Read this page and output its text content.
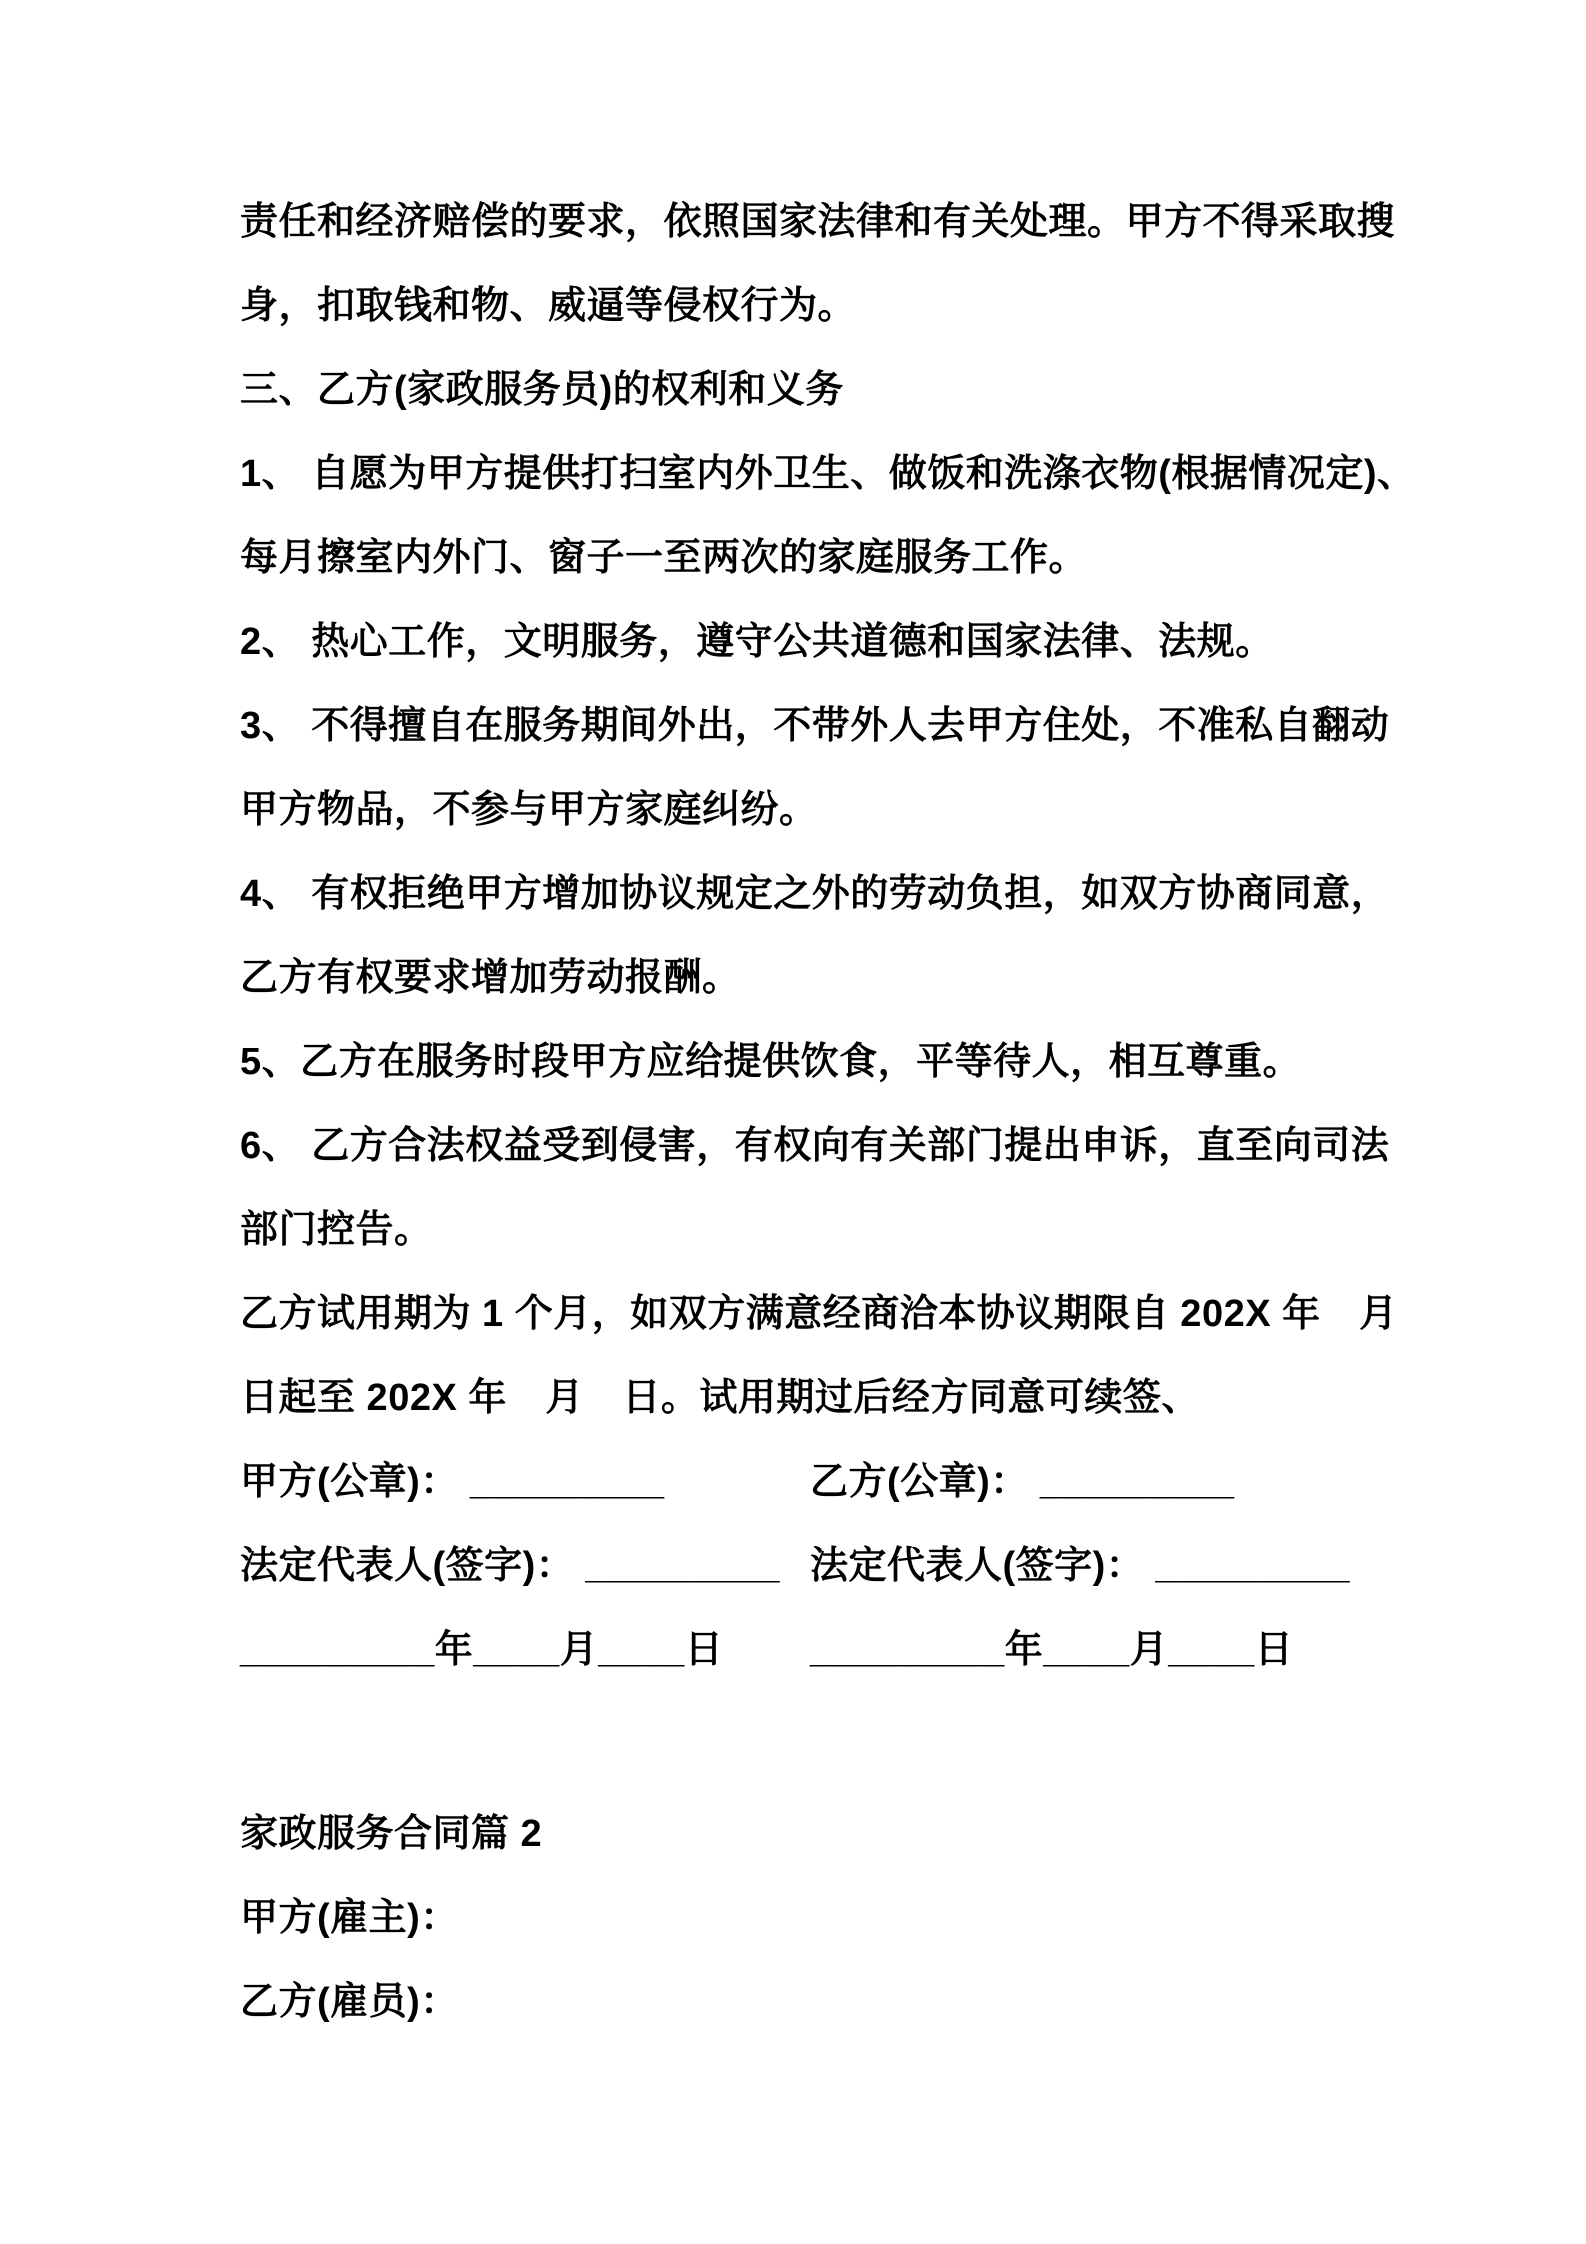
责任和经济赔偿的要求，依照国家法律和有关处理。甲方不得采取搜
身，扣取钱和物、威逼等侵权行为。
三、乙方(家政服务员)的权利和义务
1、 自愿为甲方提供打扫室内外卫生、做饭和洗涤衣物(根据情况定)、
每月擦室内外门、窗子一至两次的家庭服务工作。
2、 热心工作，文明服务，遵守公共道德和国家法律、法规。
3、 不得擅自在服务期间外出，不带外人去甲方住处，不准私自翻动
甲方物品，不参与甲方家庭纠纷。
4、 有权拒绝甲方增加协议规定之外的劳动负担，如双方协商同意，
乙方有权要求增加劳动报酬。
5、乙方在服务时段甲方应给提供饮食，平等待人，相互尊重。
6、 乙方合法权益受到侵害，有权向有关部门提出申诉，直至向司法
部门控告。
乙方试用期为 1 个月，如双方满意经商洽本协议期限自 202X 年　月
日起至 202X 年　月　日。试用期过后经方同意可续签、
甲方(公章)： _________	乙方(公章)： _________
法定代表人(签字)： _________ 法定代表人(签字)： _________
_________年____月____日 _________年____月____日

家政服务合同篇 2
甲方(雇主)：
乙方(雇员)：
